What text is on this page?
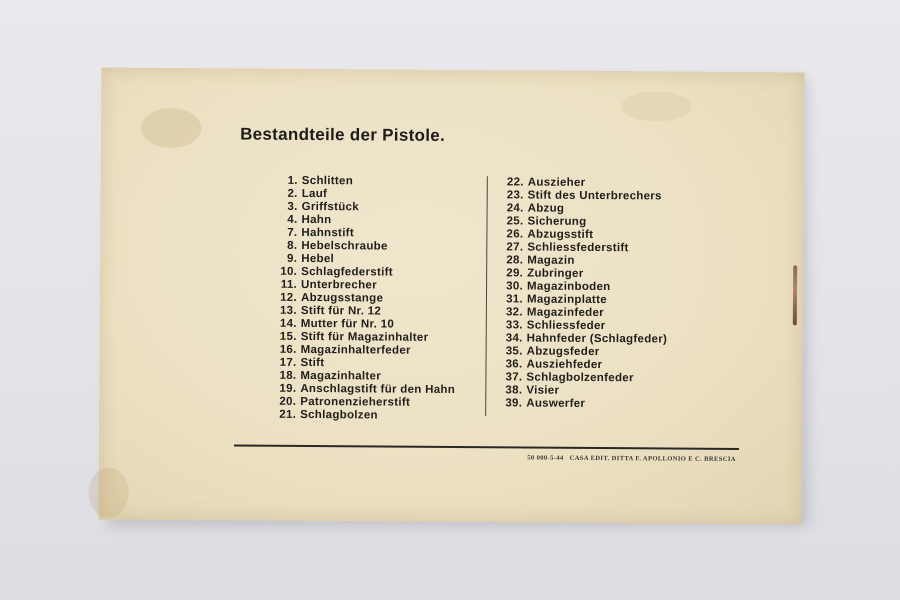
Bestandteile der Pistole.
1. Schlitten
2. Lauf
3. Griffstück
4. Hahn
7. Hahnstift
8. Hebelschraube
9. Hebel
10. Schlagfederstift
11. Unterbrecher
12. Abzugsstange
13. Stift für Nr. 12
14. Mutter für Nr. 10
15. Stift für Magazinhalter
16. Magazinhalterfeder
17. Stift
18. Magazinhalter
19. Anschlagstift für den Hahn
20. Patronenzieherstift
21. Schlagbolzen
22. Auszieher
23. Stift des Unterbrechers
24. Abzug
25. Sicherung
26. Abzugsstift
27. Schliessfederstift
28. Magazin
29. Zubringer
30. Magazinboden
31. Magazinplatte
32. Magazinfeder
33. Schliessfeder
34. Hahnfeder (Schlagfeder)
35. Abzugsfeder
36. Ausziehfeder
37. Schlagbolzenfeder
38. Visier
39. Auswerfer
50 000-5-44 CASA EDIT. DITTA F. APOLLONIO E C. BRESCIA
